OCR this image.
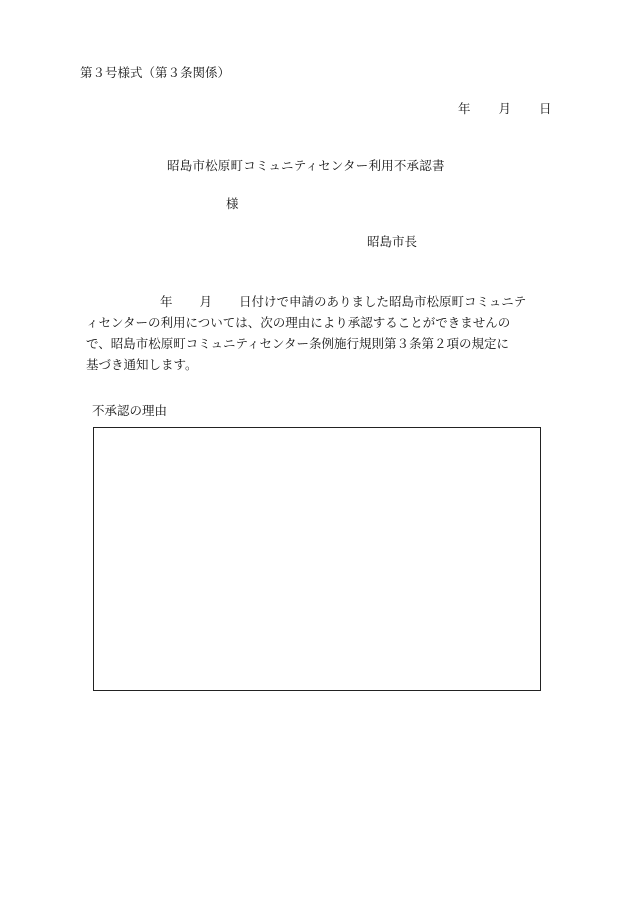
第３号様式（第３条関係）
年 月 日
昭島市松原町コミュニティセンター利用不承認書
様
昭島市長
年 月 日付けで申請のありました昭島市松原町コミュニテ
ィセンターの利用については、次の理由により承認することができませんの
で、昭島市松原町コミュニティセンター条例施行規則第３条第２項の規定に
基づき通知します。
不承認の理由
